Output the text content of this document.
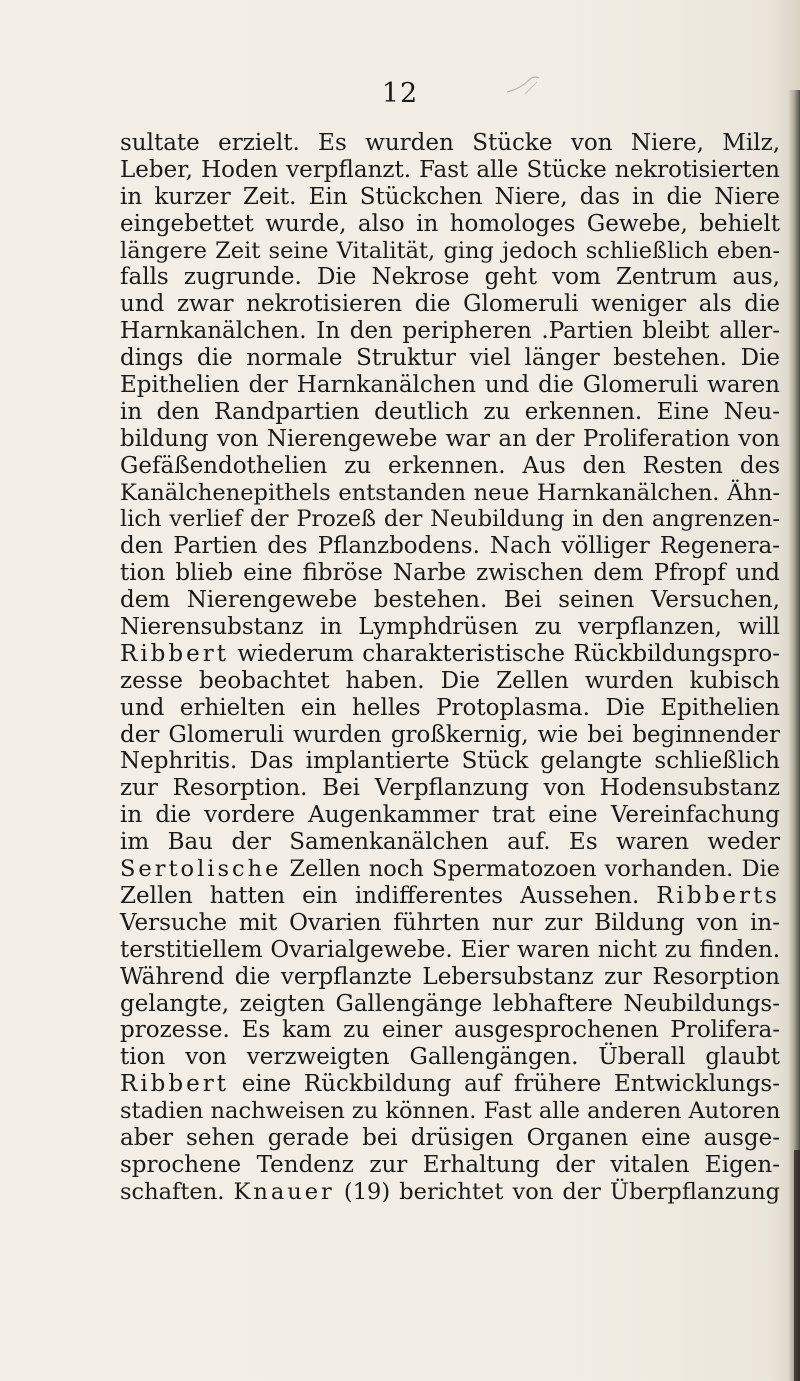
12
sultate erzielt. Es wurden Stücke von Niere, Milz,
Leber, Hoden verpflanzt. Fast alle Stücke nekrotisierten
in kurzer Zeit. Ein Stückchen Niere, das in die Niere
eingebettet wurde, also in homologes Gewebe, behielt
längere Zeit seine Vitalität, ging jedoch schließlich eben-
falls zugrunde. Die Nekrose geht vom Zentrum aus,
und zwar nekrotisieren die Glomeruli weniger als die
Harnkanälchen. In den peripheren .Partien bleibt aller-
dings die normale Struktur viel länger bestehen. Die
Epithelien der Harnkanälchen und die Glomeruli waren
in den Randpartien deutlich zu erkennen. Eine Neu-
bildung von Nierengewebe war an der Proliferation von
Gefäßendothelien zu erkennen. Aus den Resten des
Kanälchenepithels entstanden neue Harnkanälchen. Ähn-
lich verlief der Prozeß der Neubildung in den angrenzen-
den Partien des Pflanzbodens. Nach völliger Regenera-
tion blieb eine fibröse Narbe zwischen dem Pfropf und
dem Nierengewebe bestehen. Bei seinen Versuchen,
Nierensubstanz in Lymphdrüsen zu verpflanzen, will
Ribbert wiederum charakteristische Rückbildungspro-
zesse beobachtet haben. Die Zellen wurden kubisch
und erhielten ein helles Protoplasma. Die Epithelien
der Glomeruli wurden großkernig, wie bei beginnender
Nephritis. Das implantierte Stück gelangte schließlich
zur Resorption. Bei Verpflanzung von Hodensubstanz
in die vordere Augenkammer trat eine Vereinfachung
im Bau der Samenkanälchen auf. Es waren weder
Sertolische Zellen noch Spermatozoen vorhanden. Die
Zellen hatten ein indifferentes Aussehen. Ribberts
Versuche mit Ovarien führten nur zur Bildung von in-
terstitiellem Ovarialgewebe. Eier waren nicht zu finden.
Während die verpflanzte Lebersubstanz zur Resorption
gelangte, zeigten Gallengänge lebhaftere Neubildungs-
prozesse. Es kam zu einer ausgesprochenen Prolifera-
tion von verzweigten Gallengängen. Überall glaubt
Ribbert eine Rückbildung auf frühere Entwicklungs-
stadien nachweisen zu können. Fast alle anderen Autoren
aber sehen gerade bei drüsigen Organen eine ausge-
sprochene Tendenz zur Erhaltung der vitalen Eigen-
schaften. Knauer (19) berichtet von der Überpflanzung
